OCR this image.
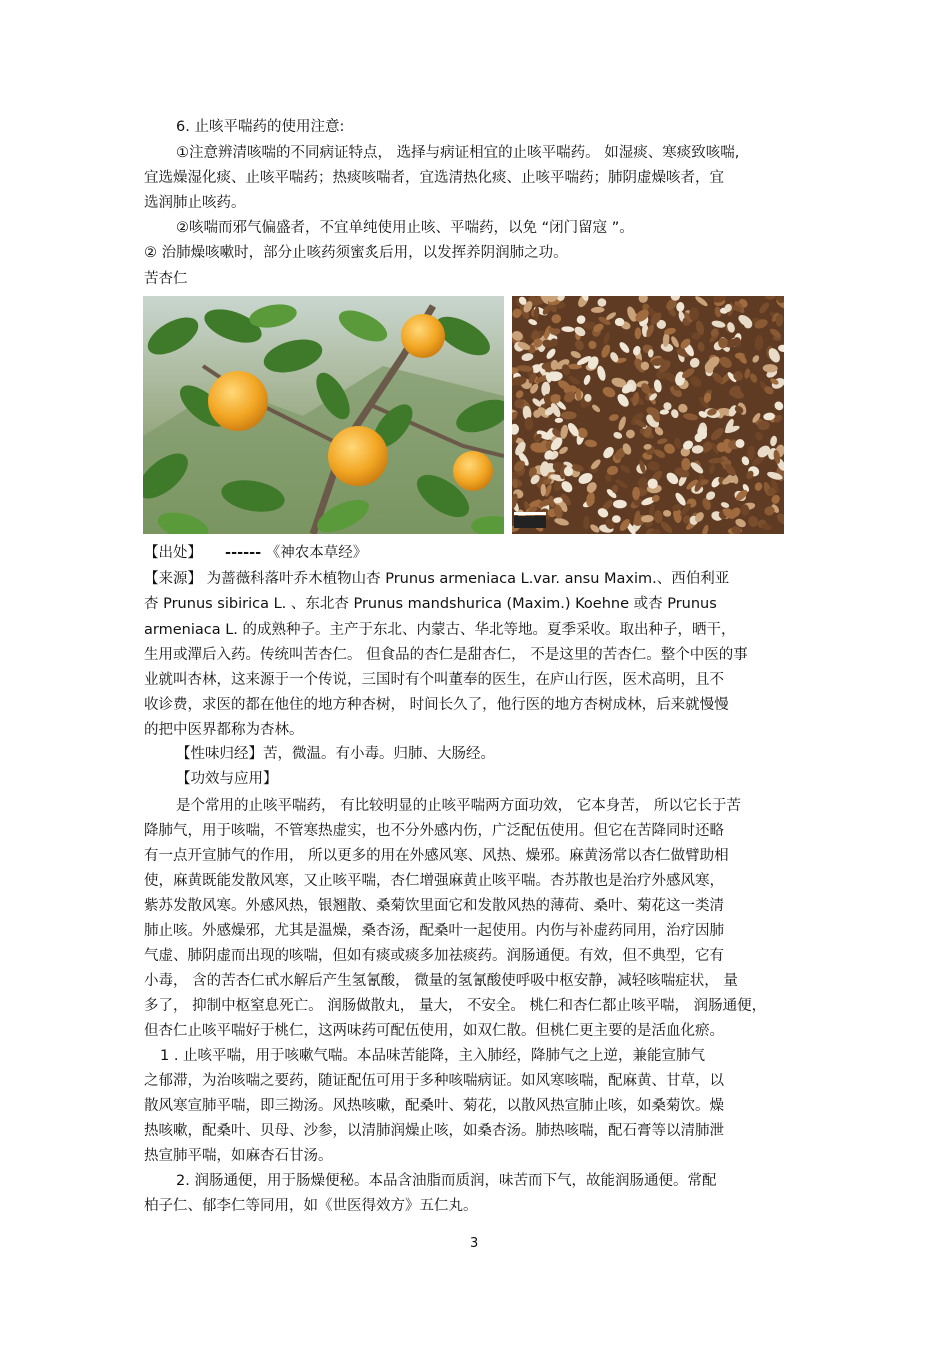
6. 止咳平喘药的使用注意:
①注意辨清咳喘的不同病证特点， 选择与病证相宜的止咳平喘药。 如湿痰、寒痰致咳喘,
宜选燥湿化痰、止咳平喘药；热痰咳喘者，宜选清热化痰、止咳平喘药；肺阴虚燥咳者，宜
选润肺止咳药。
②咳喘而邪气偏盛者，不宜单纯使用止咳、平喘药，以免 “闭门留寇 ”。
② 治肺燥咳嗽时，部分止咳药须蜜炙后用，以发挥养阴润肺之功。
苦杏仁
【出处】 ------ 《神农本草经》
【来源】 为蔷薇科落叶乔木植物山杏 Prunus armeniaca L.var. ansu Maxim.、西伯利亚
杏 Prunus sibirica L. 、东北杏 Prunus mandshurica (Maxim.) Koehne 或杏 Prunus
armeniaca L. 的成熟种子。主产于东北、内蒙古、华北等地。夏季采收。取出种子，晒干，
生用或潬后入药。传统叫苦杏仁。 但食品的杏仁是甜杏仁， 不是这里的苦杏仁。整个中医的事
业就叫杏林，这来源于一个传说，三国时有个叫董奉的医生，在庐山行医，医术高明，且不
收诊费，求医的都在他住的地方种杏树， 时间长久了，他行医的地方杏树成林，后来就慢慢
的把中医界都称为杏林。
【性味归经】苦，微温。有小毒。归肺、大肠经。
【功效与应用】
是个常用的止咳平喘药， 有比较明显的止咳平喘两方面功效， 它本身苦， 所以它长于苦
降肺气，用于咳喘，不管寒热虚实，也不分外感内伤，广泛配伍使用。但它在苦降同时还略
有一点开宣肺气的作用， 所以更多的用在外感风寒、风热、燥邪。麻黄汤常以杏仁做臂助相
使，麻黄既能发散风寒，又止咳平喘，杏仁增强麻黄止咳平喘。杏苏散也是治疗外感风寒，
紫苏发散风寒。外感风热，银翘散、桑菊饮里面它和发散风热的薄荷、桑叶、菊花这一类清
肺止咳。外感燥邪，尤其是温燥，桑杏汤，配桑叶一起使用。内伤与补虚药同用，治疗因肺
气虚、肺阴虚而出现的咳喘，但如有痰或痰多加祛痰药。润肠通便。有效，但不典型，它有
小毒， 含的苦杏仁甙水解后产生氢氰酸， 微量的氢氰酸使呼吸中枢安静，减轻咳喘症状， 量
多了， 抑制中枢窒息死亡。 润肠做散丸， 量大， 不安全。 桃仁和杏仁都止咳平喘， 润肠通便，
但杏仁止咳平喘好于桃仁，这两味药可配伍使用，如双仁散。但桃仁更主要的是活血化瘀。
1 . 止咳平喘，用于咳嗽气喘。本品味苦能降，主入肺经，降肺气之上逆，兼能宣肺气
之郁滞，为治咳喘之要药，随证配伍可用于多种咳喘病证。如风寒咳喘，配麻黄、甘草，以
散风寒宣肺平喘，即三拗汤。风热咳嗽，配桑叶、菊花，以散风热宣肺止咳，如桑菊饮。燥
热咳嗽，配桑叶、贝母、沙参，以清肺润燥止咳，如桑杏汤。肺热咳喘，配石膏等以清肺泄
热宣肺平喘，如麻杏石甘汤。
2. 润肠通便，用于肠燥便秘。本品含油脂而质润，味苦而下气，故能润肠通便。常配
柏子仁、郁李仁等同用，如《世医得效方》五仁丸。
3
